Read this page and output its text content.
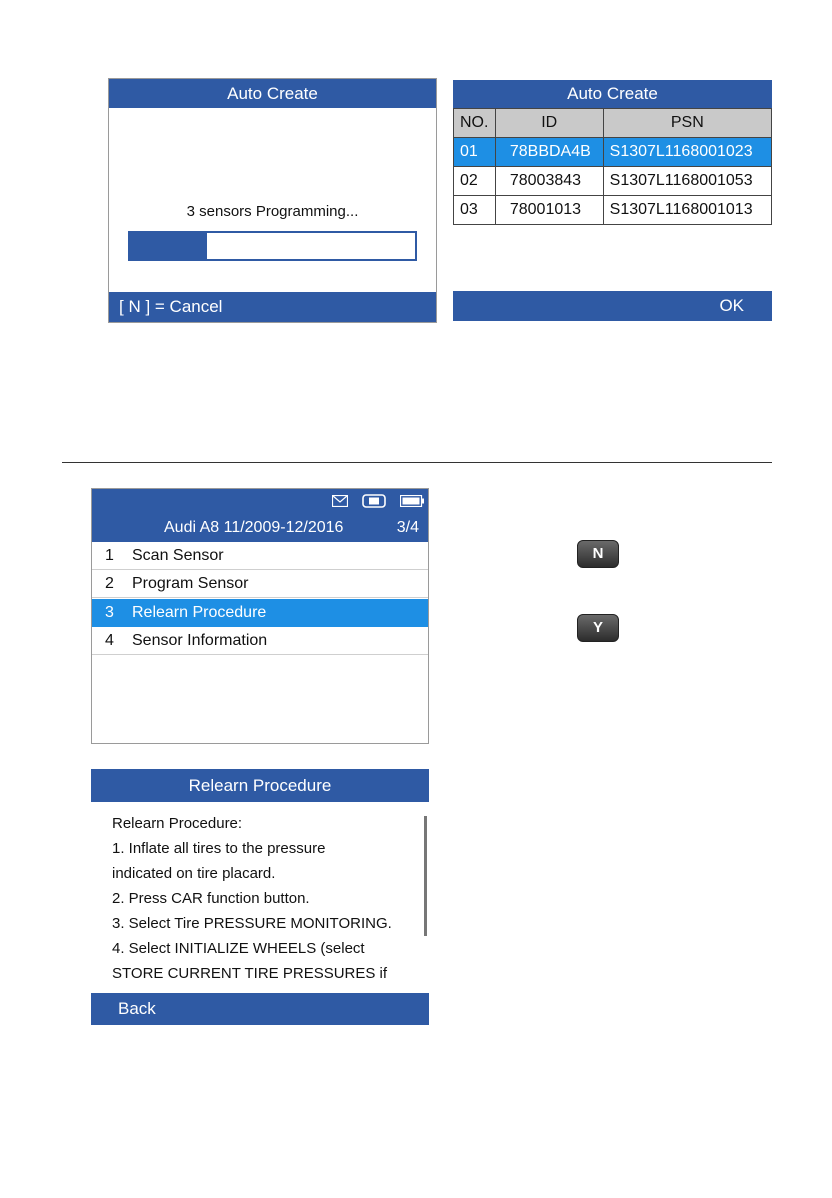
Auto Create
3 sensors Programming...
[ N ] = Cancel
Auto Create
NO.	ID	PSN
01	78BBDA4B	S1307L1168001023
02	78003843	S1307L1168001053
03	78001013	S1307L1168001013
OK
Audi A8 11/2009-12/2016	3/4
1 Scan Sensor
2 Program Sensor
3 Relearn Procedure
4 Sensor Information
N
Y
Relearn Procedure
Relearn Procedure:
1. Inflate all tires to the pressure
indicated on tire placard.
2. Press CAR function button.
3. Select Tire PRESSURE MONITORING.
4. Select INITIALIZE WHEELS (select
STORE CURRENT TIRE PRESSURES if
Back
